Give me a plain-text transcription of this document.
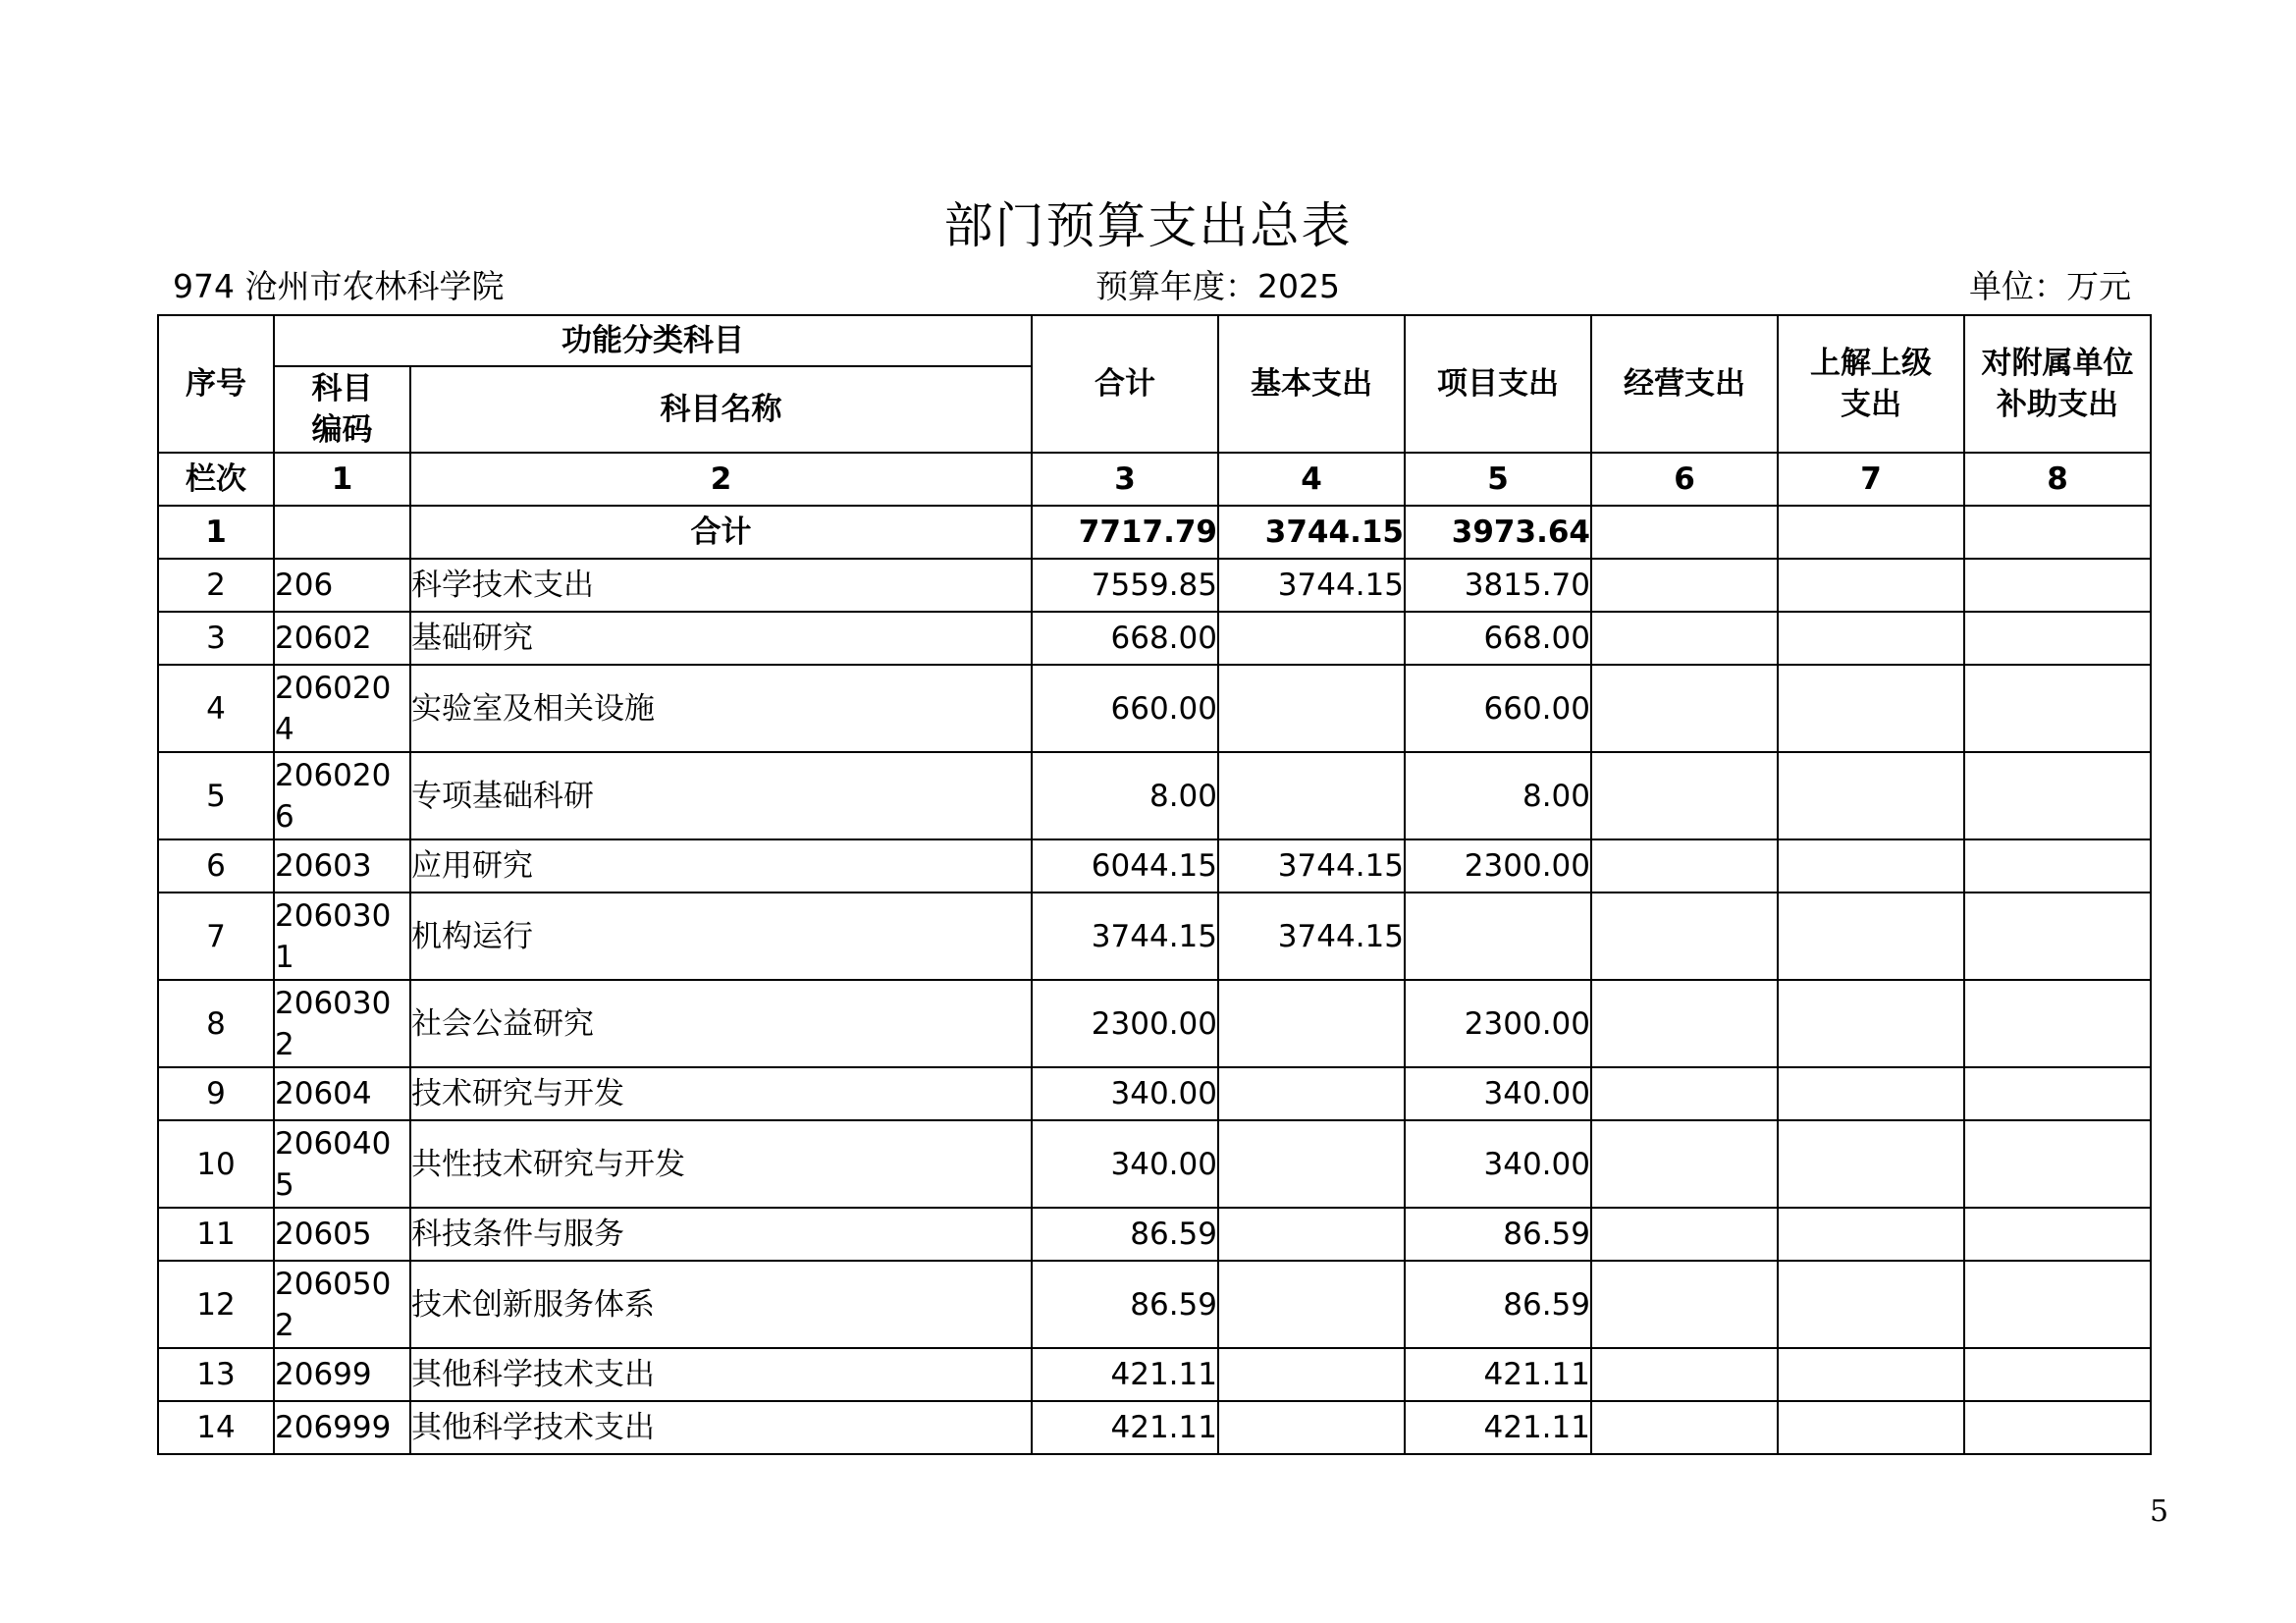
部门预算支出总表
974 沧州市农林科学院	预算年度：2025	单位：万元
序号	功能分类科目		合计	基本支出	项目支出	经营支出	上解上级支出	对附属单位补助支出
	科目编码	科目名称						
栏次	1	2	3	4	5	6	7	8
1		合计	7717.79	3744.15	3973.64			
2	206	科学技术支出	7559.85	3744.15	3815.70			
3	20602	基础研究	668.00		668.00			
4	2060204	实验室及相关设施	660.00		660.00			
5	2060206	专项基础科研	8.00		8.00			
6	20603	应用研究	6044.15	3744.15	2300.00			
7	2060301	机构运行	3744.15	3744.15				
8	2060302	社会公益研究	2300.00		2300.00			
9	20604	技术研究与开发	340.00		340.00			
10	2060405	共性技术研究与开发	340.00		340.00			
11	20605	科技条件与服务	86.59		86.59			
12	2060502	技术创新服务体系	86.59		86.59			
13	20699	其他科学技术支出	421.11		421.11			
14	206999	其他科学技术支出	421.11		421.11			
5
